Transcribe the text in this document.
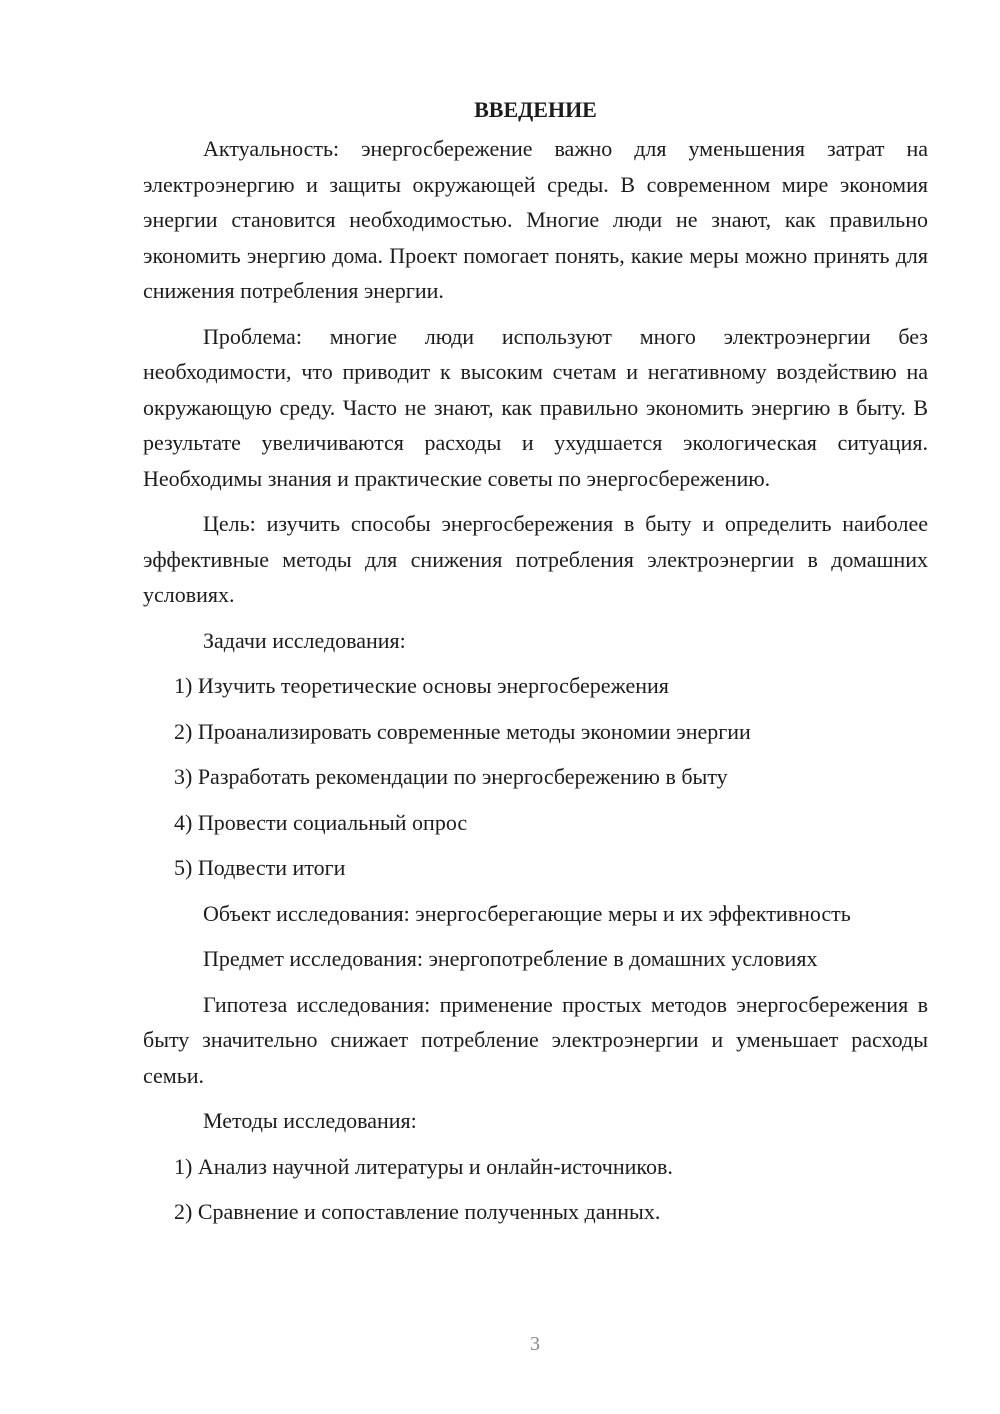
ВВЕДЕНИЕ
Актуальность: энергосбережение важно для уменьшения затрат на электроэнергию и защиты окружающей среды. В современном мире экономия энергии становится необходимостью. Многие люди не знают, как правильно экономить энергию дома. Проект помогает понять, какие меры можно принять для снижения потребления энергии.
Проблема: многие люди используют много электроэнергии без необходимости, что приводит к высоким счетам и негативному воздействию на окружающую среду. Часто не знают, как правильно экономить энергию в быту. В результате увеличиваются расходы и ухудшается экологическая ситуация. Необходимы знания и практические советы по энергосбережению.
Цель: изучить способы энергосбережения в быту и определить наиболее эффективные методы для снижения потребления электроэнергии в домашних условиях.
Задачи исследования:
1) Изучить теоретические основы энергосбережения
2) Проанализировать современные методы экономии энергии
3) Разработать рекомендации по энергосбережению в быту
4) Провести социальный опрос
5) Подвести итоги
Объект исследования: энергосберегающие меры и их эффективность
Предмет исследования: энергопотребление в домашних условиях
Гипотеза исследования: применение простых методов энергосбережения в быту значительно снижает потребление электроэнергии и уменьшает расходы семьи.
Методы исследования:
1) Анализ научной литературы и онлайн-источников.
2) Сравнение и сопоставление полученных данных.
3
